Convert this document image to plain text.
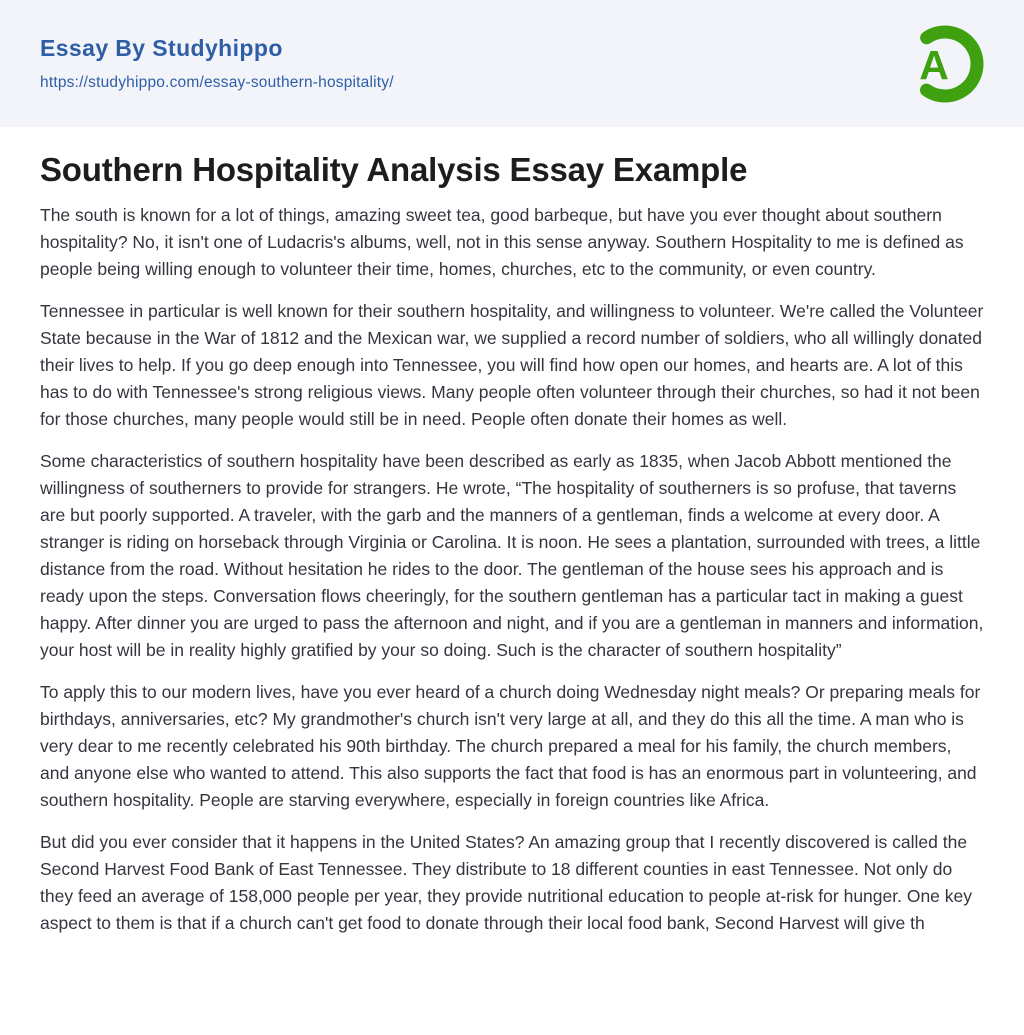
Essay By Studyhippo
https://studyhippo.com/essay-southern-hospitality/	A
Southern Hospitality Analysis Essay Example

The south is known for a lot of things, amazing sweet tea, good barbeque, but have you ever thought about southern hospitality? No, it isn't one of Ludacris's albums, well, not in this sense anyway. Southern Hospitality to me is defined as people being willing enough to volunteer their time, homes, churches, etc to the community, or even country.

Tennessee in particular is well known for their southern hospitality, and willingness to volunteer. We're called the Volunteer State because in the War of 1812 and the Mexican war, we supplied a record number of soldiers, who all willingly donated their lives to help. If you go deep enough into Tennessee, you will find how open our homes, and hearts are. A lot of this has to do with Tennessee's strong religious views. Many people often volunteer through their churches, so had it not been for those churches, many people would still be in need. People often donate their homes as well.

Some characteristics of southern hospitality have been described as early as 1835, when Jacob Abbott mentioned the willingness of southerners to provide for strangers. He wrote, “The hospitality of southerners is so profuse, that taverns are but poorly supported. A traveler, with the garb and the manners of a gentleman, finds a welcome at every door. A stranger is riding on horseback through Virginia or Carolina. It is noon. He sees a plantation, surrounded with trees, a little distance from the road. Without hesitation he rides to the door. The gentleman of the house sees his approach and is ready upon the steps. Conversation flows cheeringly, for the southern gentleman has a particular tact in making a guest happy. After dinner you are urged to pass the afternoon and night, and if you are a gentleman in manners and information, your host will be in reality highly gratified by your so doing. Such is the character of southern hospitality”

To apply this to our modern lives, have you ever heard of a church doing Wednesday night meals? Or preparing meals for birthdays, anniversaries, etc? My grandmother's church isn't very large at all, and they do this all the time. A man who is very dear to me recently celebrated his 90th birthday. The church prepared a meal for his family, the church members, and anyone else who wanted to attend. This also supports the fact that food is has an enormous part in volunteering, and southern hospitality. People are starving everywhere, especially in foreign countries like Africa.

But did you ever consider that it happens in the United States? An amazing group that I recently discovered is called the Second Harvest Food Bank of East Tennessee. They distribute to 18 different counties in east Tennessee. Not only do they feed an average of 158,000 people per year, they provide nutritional education to people at-risk for hunger. One key aspect to them is that if a church can't get food to donate through their local food bank, Second Harvest will give th
